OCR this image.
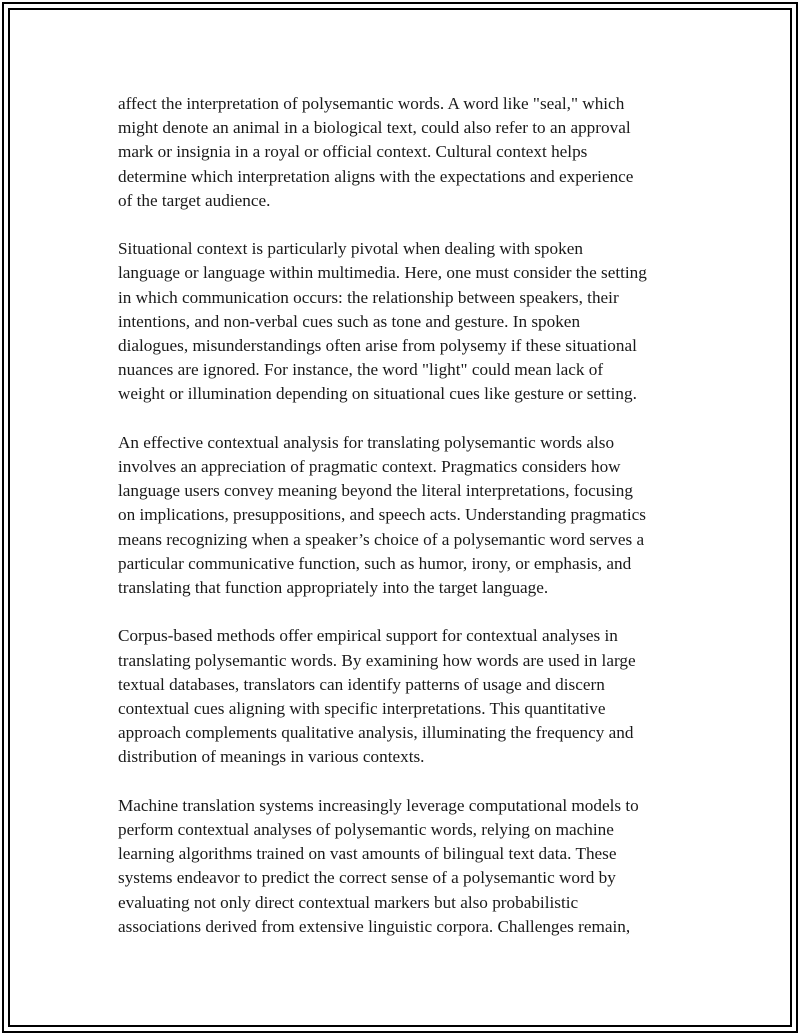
affect the interpretation of polysemantic words. A word like "seal," which
might denote an animal in a biological text, could also refer to an approval
mark or insignia in a royal or official context. Cultural context helps
determine which interpretation aligns with the expectations and experience
of the target audience.

Situational context is particularly pivotal when dealing with spoken
language or language within multimedia. Here, one must consider the setting
in which communication occurs: the relationship between speakers, their
intentions, and non-verbal cues such as tone and gesture. In spoken
dialogues, misunderstandings often arise from polysemy if these situational
nuances are ignored. For instance, the word "light" could mean lack of
weight or illumination depending on situational cues like gesture or setting.

An effective contextual analysis for translating polysemantic words also
involves an appreciation of pragmatic context. Pragmatics considers how
language users convey meaning beyond the literal interpretations, focusing
on implications, presuppositions, and speech acts. Understanding pragmatics
means recognizing when a speaker’s choice of a polysemantic word serves a
particular communicative function, such as humor, irony, or emphasis, and
translating that function appropriately into the target language.

Corpus-based methods offer empirical support for contextual analyses in
translating polysemantic words. By examining how words are used in large
textual databases, translators can identify patterns of usage and discern
contextual cues aligning with specific interpretations. This quantitative
approach complements qualitative analysis, illuminating the frequency and
distribution of meanings in various contexts.

Machine translation systems increasingly leverage computational models to
perform contextual analyses of polysemantic words, relying on machine
learning algorithms trained on vast amounts of bilingual text data. These
systems endeavor to predict the correct sense of a polysemantic word by
evaluating not only direct contextual markers but also probabilistic
associations derived from extensive linguistic corpora. Challenges remain,
